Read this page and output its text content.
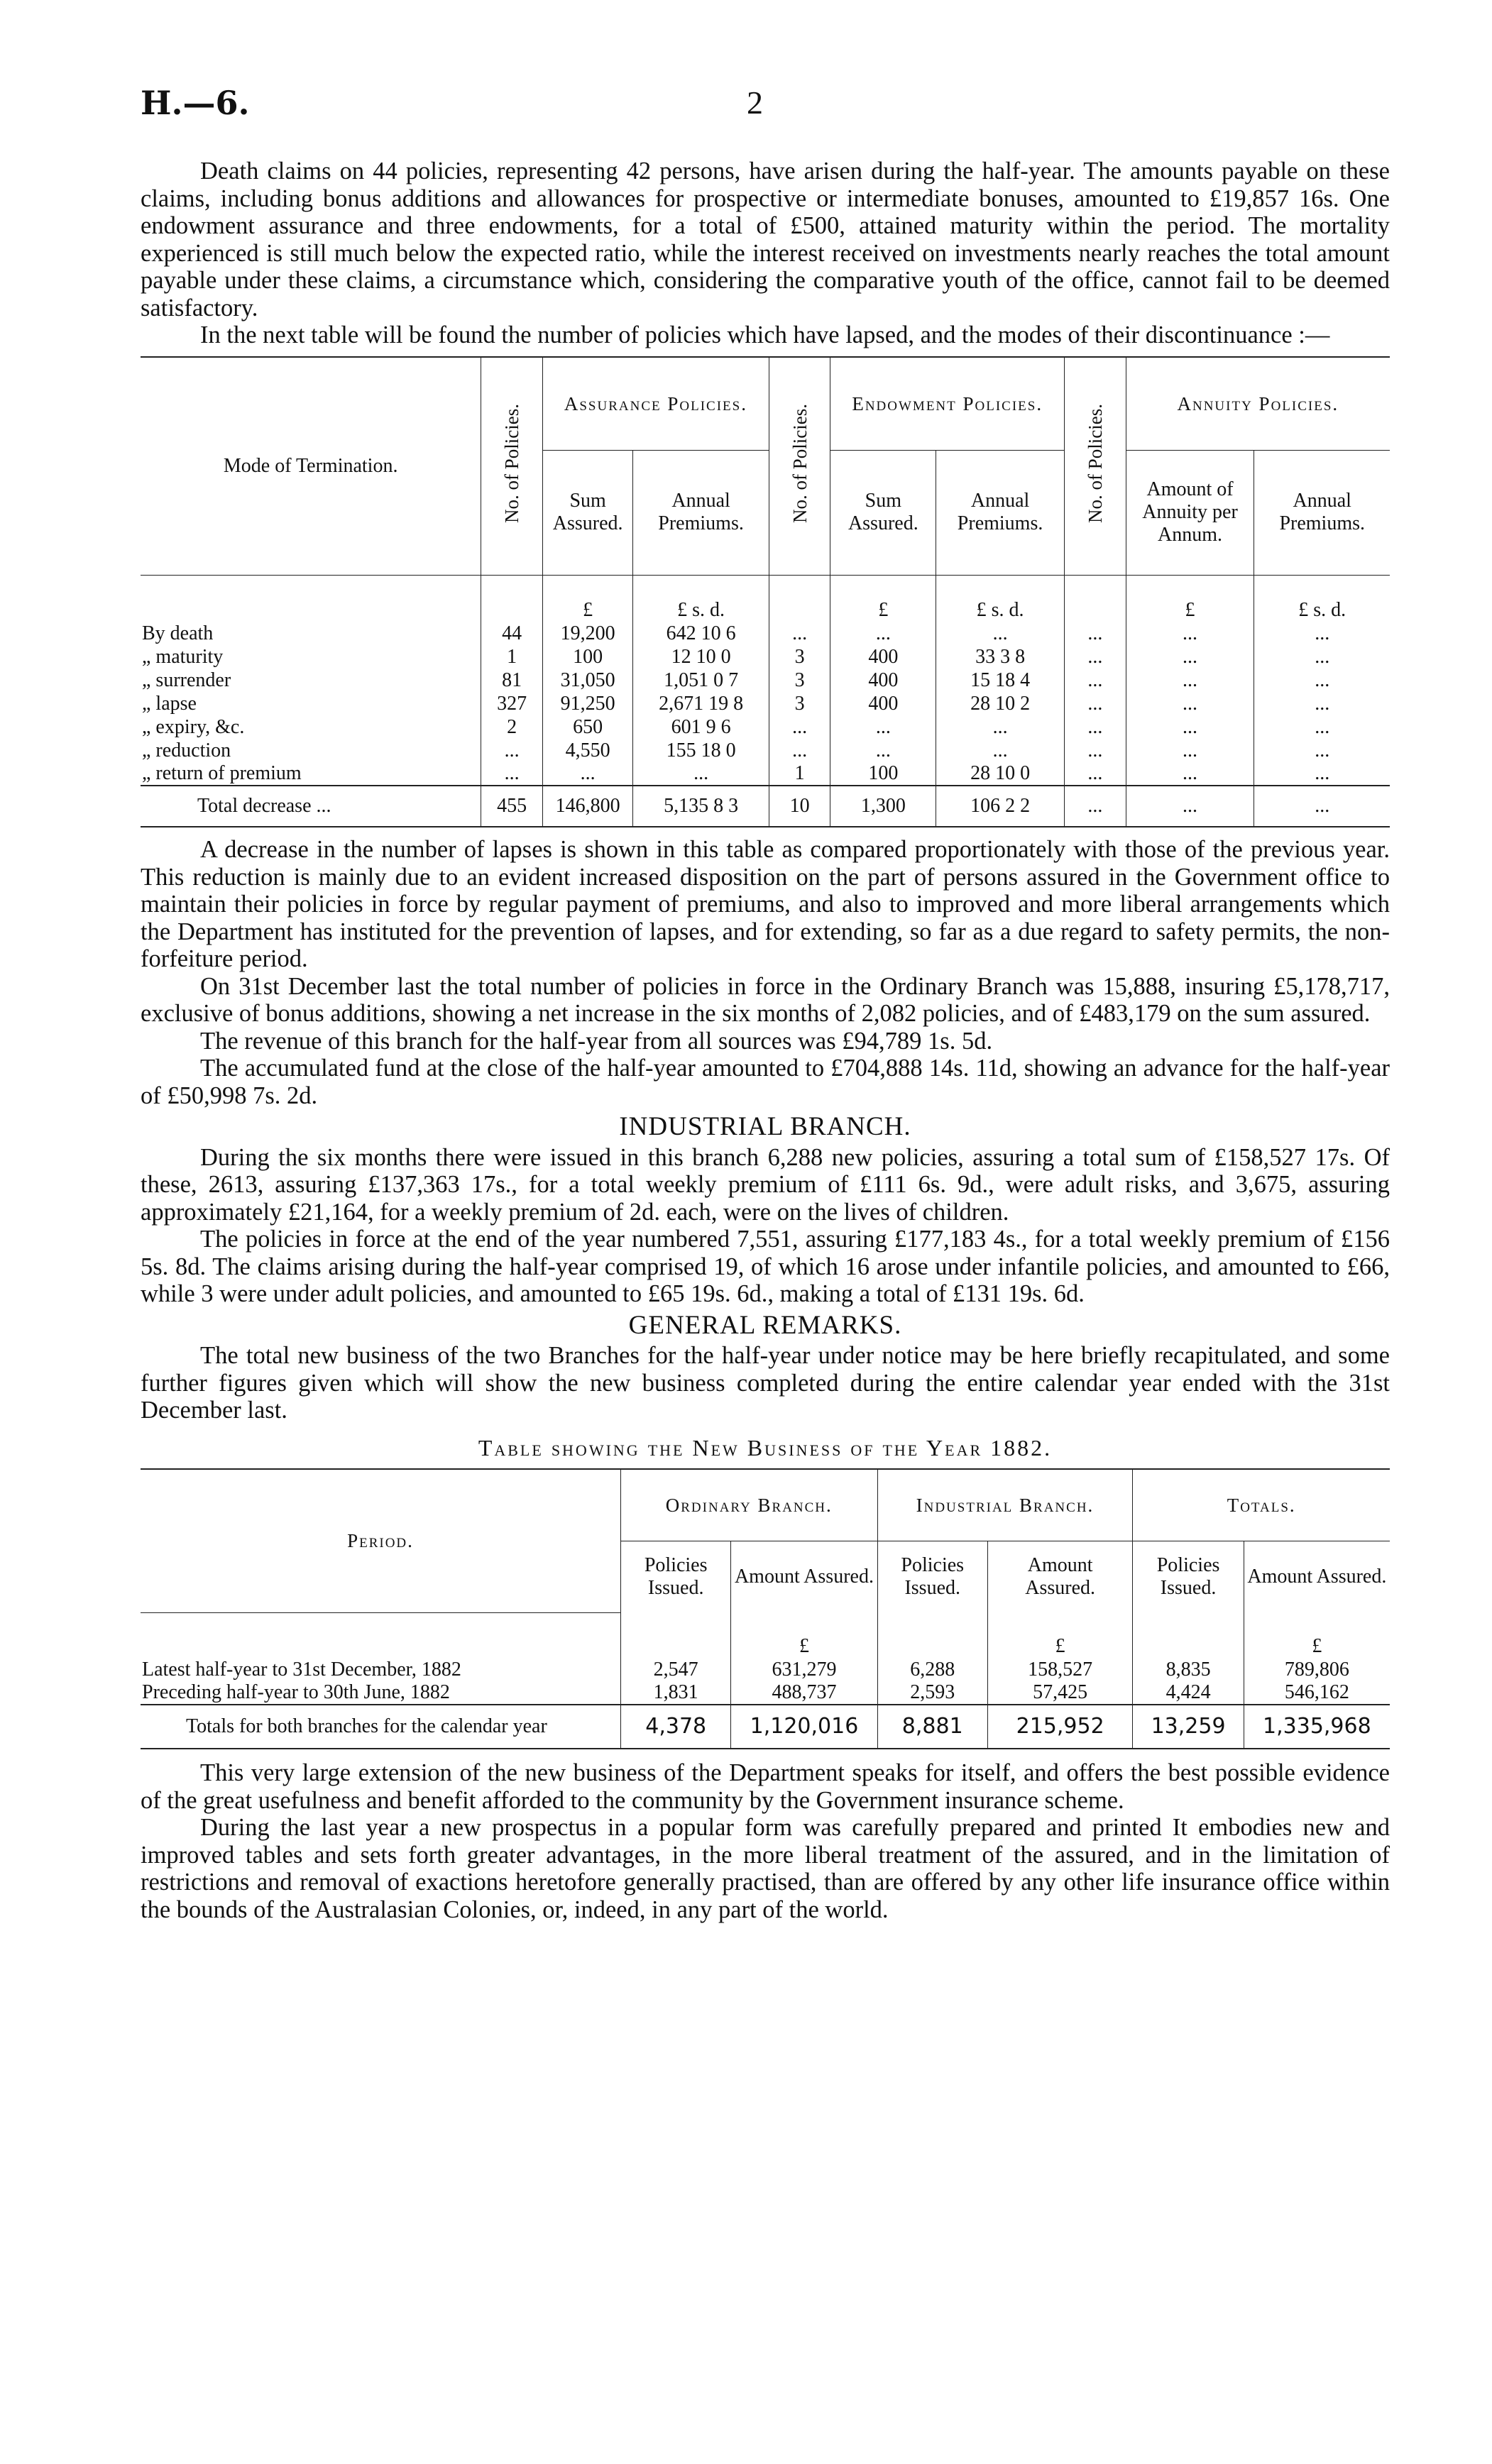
H.—6.	2

Death claims on 44 policies, representing 42 persons, have arisen during the half-year. The amounts payable on these claims, including bonus additions and allowances for prospective or intermediate bonuses, amounted to £19,857 16s. One endowment assurance and three endowments, for a total of £500, attained maturity within the period. The mortality experienced is still much below the expected ratio, while the interest received on investments nearly reaches the total amount payable under these claims, a circumstance which, considering the comparative youth of the office, cannot fail to be deemed satisfactory.

In the next table will be found the number of policies which have lapsed, and the modes of their discontinuance :—

Mode of Termination.	No. of Policies.	Assurance Policies.		No. of Policies.	Endowment Policies.		No. of Policies.	Annuity Policies.	
		Sum Assured.	Annual Premiums.		Sum Assured.	Annual Premiums.		Amount of Annuity per Annum.	Annual Premiums.
		£	£ s. d.		£	£ s. d.		£	£ s. d.
By death	44	19,200	642 10 6	...	...	...	...	...	...
„ maturity	1	100	12 10 0	3	400	33 3 8	...	...	...
„ surrender	81	31,050	1,051 0 7	3	400	15 18 4	...	...	...
„ lapse	327	91,250	2,671 19 8	3	400	28 10 2	...	...	...
„ expiry, &c.	2	650	601 9 6	...	...	...	...	...	...
„ reduction	...	4,550	155 18 0	...	...	...	...	...	...
„ return of premium	...	...	...	1	100	28 10 0	...	...	...
Total decrease ...	455	146,800	5,135 8 3	10	1,300	106 2 2	...	...	...

A decrease in the number of lapses is shown in this table as compared proportionately with those of the previous year. This reduction is mainly due to an evident increased disposition on the part of persons assured in the Government office to maintain their policies in force by regular payment of premiums, and also to improved and more liberal arrangements which the Department has instituted for the prevention of lapses, and for extending, so far as a due regard to safety permits, the non-forfeiture period.

On 31st December last the total number of policies in force in the Ordinary Branch was 15,888, insuring £5,178,717, exclusive of bonus additions, showing a net increase in the six months of 2,082 policies, and of £483,179 on the sum assured.

The revenue of this branch for the half-year from all sources was £94,789 1s. 5d.

The accumulated fund at the close of the half-year amounted to £704,888 14s. 11d, showing an advance for the half-year of £50,998 7s. 2d.

INDUSTRIAL BRANCH.

During the six months there were issued in this branch 6,288 new policies, assuring a total sum of £158,527 17s. Of these, 2613, assuring £137,363 17s., for a total weekly premium of £111 6s. 9d., were adult risks, and 3,675, assuring approximately £21,164, for a weekly premium of 2d. each, were on the lives of children.

The policies in force at the end of the year numbered 7,551, assuring £177,183 4s., for a total weekly premium of £156 5s. 8d. The claims arising during the half-year comprised 19, of which 16 arose under infantile policies, and amounted to £66, while 3 were under adult policies, and amounted to £65 19s. 6d., making a total of £131 19s. 6d.

GENERAL REMARKS.

The total new business of the two Branches for the half-year under notice may be here briefly recapitulated, and some further figures given which will show the new business completed during the entire calendar year ended with the 31st December last.

Table showing the New Business of the Year 1882.

Period.	Ordinary Branch.		Industrial Branch.		Totals.	
	Policies Issued.	Amount Assured.	Policies Issued.	Amount Assured.	Policies Issued.	Amount Assured.
		£		£		£
Latest half-year to 31st December, 1882	2,547	631,279	6,288	158,527	8,835	789,806
Preceding half-year to 30th June, 1882	1,831	488,737	2,593	57,425	4,424	546,162
Totals for both branches for the calendar year	4,378	1,120,016	8,881	215,952	13,259	1,335,968

This very large extension of the new business of the Department speaks for itself, and offers the best possible evidence of the great usefulness and benefit afforded to the community by the Government insurance scheme.

During the last year a new prospectus in a popular form was carefully prepared and printed It embodies new and improved tables and sets forth greater advantages, in the more liberal treatment of the assured, and in the limitation of restrictions and removal of exactions heretofore generally practised, than are offered by any other life insurance office within the bounds of the Australasian Colonies, or, indeed, in any part of the world.
